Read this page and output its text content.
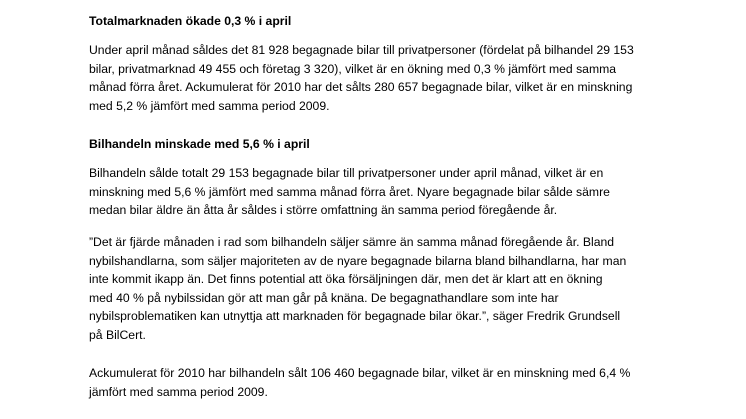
Totalmarknaden ökade 0,3 % i april
Under april månad såldes det 81 928 begagnade bilar till privatpersoner (fördelat på bilhandel 29 153
bilar, privatmarknad 49 455 och företag 3 320), vilket är en ökning med 0,3 % jämfört med samma
månad förra året. Ackumulerat för 2010 har det sålts 280 657 begagnade bilar, vilket är en minskning
med 5,2 % jämfört med samma period 2009.
Bilhandeln minskade med 5,6 % i april
Bilhandeln sålde totalt 29 153 begagnade bilar till privatpersoner under april månad, vilket är en
minskning med 5,6 % jämfört med samma månad förra året. Nyare begagnade bilar sålde sämre
medan bilar äldre än åtta år såldes i större omfattning än samma period föregående år.
”Det är fjärde månaden i rad som bilhandeln säljer sämre än samma månad föregående år. Bland
nybilshandlarna, som säljer majoriteten av de nyare begagnade bilarna bland bilhandlarna, har man
inte kommit ikapp än. Det finns potential att öka försäljningen där, men det är klart att en ökning
med 40 % på nybilssidan gör att man går på knäna. De begagnathandlare som inte har
nybilsproblematiken kan utnyttja att marknaden för begagnade bilar ökar.”, säger Fredrik Grundsell
på BilCert.
Ackumulerat för 2010 har bilhandeln sålt 106 460 begagnade bilar, vilket är en minskning med 6,4 %
jämfört med samma period 2009.
